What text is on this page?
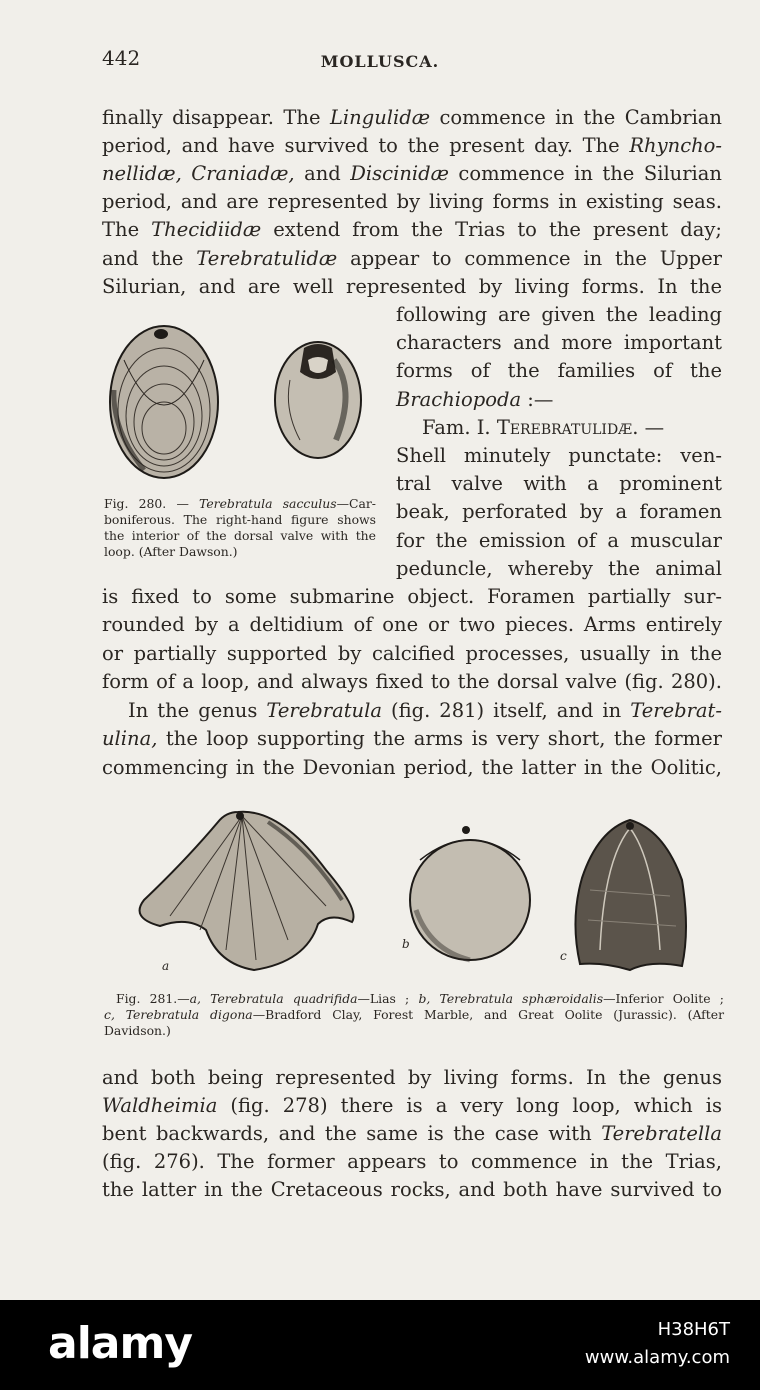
442	MOLLUSCA.
finally disappear. The Lingulidæ commence in the Cambrian
period, and have survived to the present day. The Rhyncho-
nellidæ, Craniadæ, and Discinidæ commence in the Silurian
period, and are represented by living forms in existing seas.
The Thecidiidæ extend from the Trias to the present day;
and the Terebratulidæ appear to commence in the Upper
Silurian, and are well represented by living forms. In the
following are given the leading
characters and more important
forms of the families of the
Brachiopoda :—
Fam. I. Terebratulidæ. —
Shell minutely punctate: ven-
tral valve with a prominent
beak, perforated by a foramen
for the emission of a muscular
peduncle, whereby the animal
is fixed to some submarine object. Foramen partially sur-
rounded by a deltidium of one or two pieces. Arms entirely
or partially supported by calcified processes, usually in the
form of a loop, and always fixed to the dorsal valve (fig. 280).
In the genus Terebratula (fig. 281) itself, and in Terebrat-
ulina, the loop supporting the arms is very short, the former
commencing in the Devonian period, the latter in the Oolitic,
and both being represented by living forms. In the genus
Waldheimia (fig. 278) there is a very long loop, which is
bent backwards, and the same is the case with Terebratella
(fig. 276). The former appears to commence in the Trias,
the latter in the Cretaceous rocks, and both have survived to
Fig. 280. — Terebratula sacculus—Car-
boniferous. The right-hand figure shows
the interior of the dorsal valve with the
loop. (After Dawson.)
a
b
c
Fig. 281.—a, Terebratula quadrifida—Lias ; b, Terebratula sphæroidalis—Inferior Oolite ;
c, Terebratula digona—Bradford Clay, Forest Marble, and Great Oolite (Jurassic). (After
Davidson.)
alamy	H38H6T
www.alamy.com
